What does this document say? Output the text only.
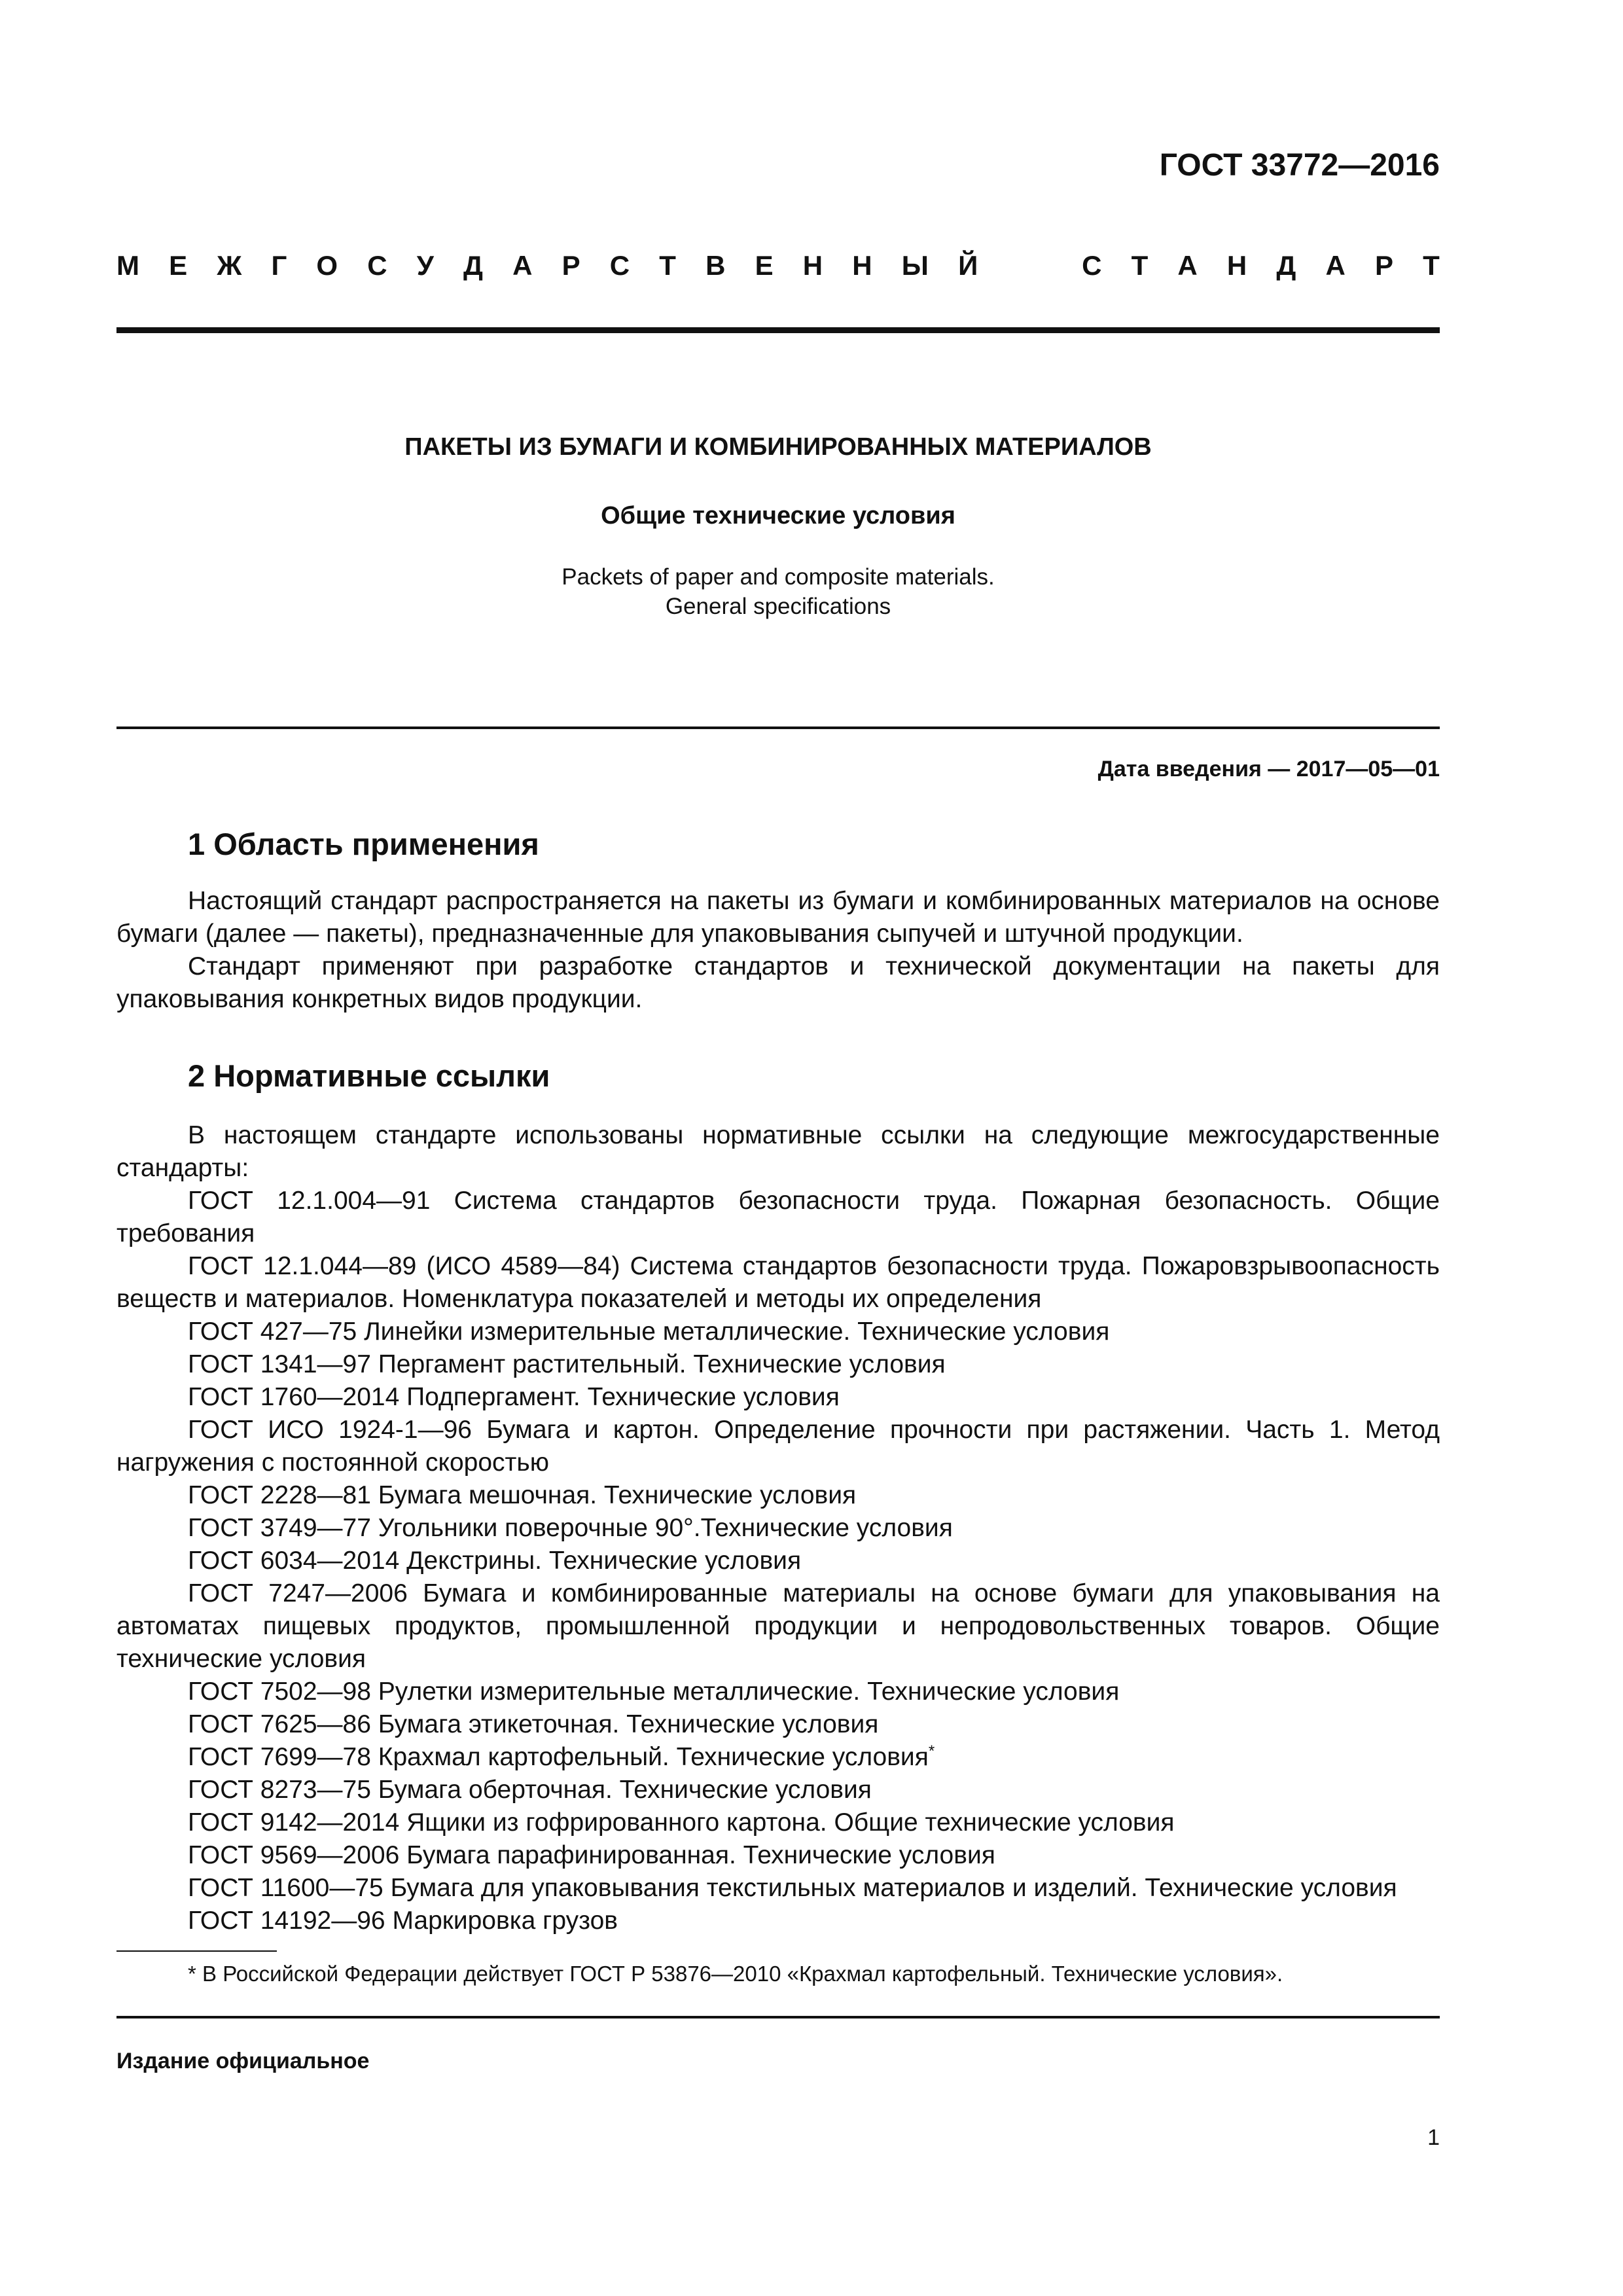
ГОСТ 33772—2016
М Е Ж Г О С У Д А Р С Т В Е Н Н Ы Й

	С Т А Н Д А Р Т
ПАКЕТЫ ИЗ БУМАГИ И КОМБИНИРОВАННЫХ МАТЕРИАЛОВ
Общие технические условия
Packets of paper and composite materials.
General specifications
Дата введения — 2017—05—01
1 Область применения

Настоящий стандарт распространяется на пакеты из бумаги и комбинированных материалов на основе бумаги (далее — пакеты), предназначенные для упаковывания сыпучей и штучной продукции.

Стандарт применяют при разработке стандартов и технической документации на пакеты для упаковывания конкретных видов продукции.

2 Нормативные ссылки

В настоящем стандарте использованы нормативные ссылки на следующие межгосударственные стандарты:

ГОСТ 12.1.004—91 Система стандартов безопасности труда. Пожарная безопасность. Общие требования

ГОСТ 12.1.044—89 (ИСО 4589—84) Система стандартов безопасности труда. Пожаровзрывоопасность веществ и материалов. Номенклатура показателей и методы их определения

ГОСТ 427—75 Линейки измерительные металлические. Технические условия

ГОСТ 1341—97 Пергамент растительный. Технические условия

ГОСТ 1760—2014 Подпергамент. Технические условия

ГОСТ ИСО 1924-1—96 Бумага и картон. Определение прочности при растяжении. Часть 1. Метод нагружения с постоянной скоростью

ГОСТ 2228—81 Бумага мешочная. Технические условия

ГОСТ 3749—77 Угольники поверочные 90°.Технические условия

ГОСТ 6034—2014 Декстрины. Технические условия

ГОСТ 7247—2006 Бумага и комбинированные материалы на основе бумаги для упаковывания на автоматах пищевых продуктов, промышленной продукции и непродовольственных товаров. Общие технические условия

ГОСТ 7502—98 Рулетки измерительные металлические. Технические условия

ГОСТ 7625—86 Бумага этикеточная. Технические условия

ГОСТ 7699—78 Крахмал картофельный. Технические условия*

ГОСТ 8273—75 Бумага оберточная. Технические условия

ГОСТ 9142—2014 Ящики из гофрированного картона. Общие технические условия

ГОСТ 9569—2006 Бумага парафинированная. Технические условия

ГОСТ 11600—75 Бумага для упаковывания текстильных материалов и изделий. Технические условия

ГОСТ 14192—96 Маркировка грузов

* В Российской Федерации действует ГОСТ Р 53876—2010 «Крахмал картофельный. Технические условия».
Издание официальное
1
